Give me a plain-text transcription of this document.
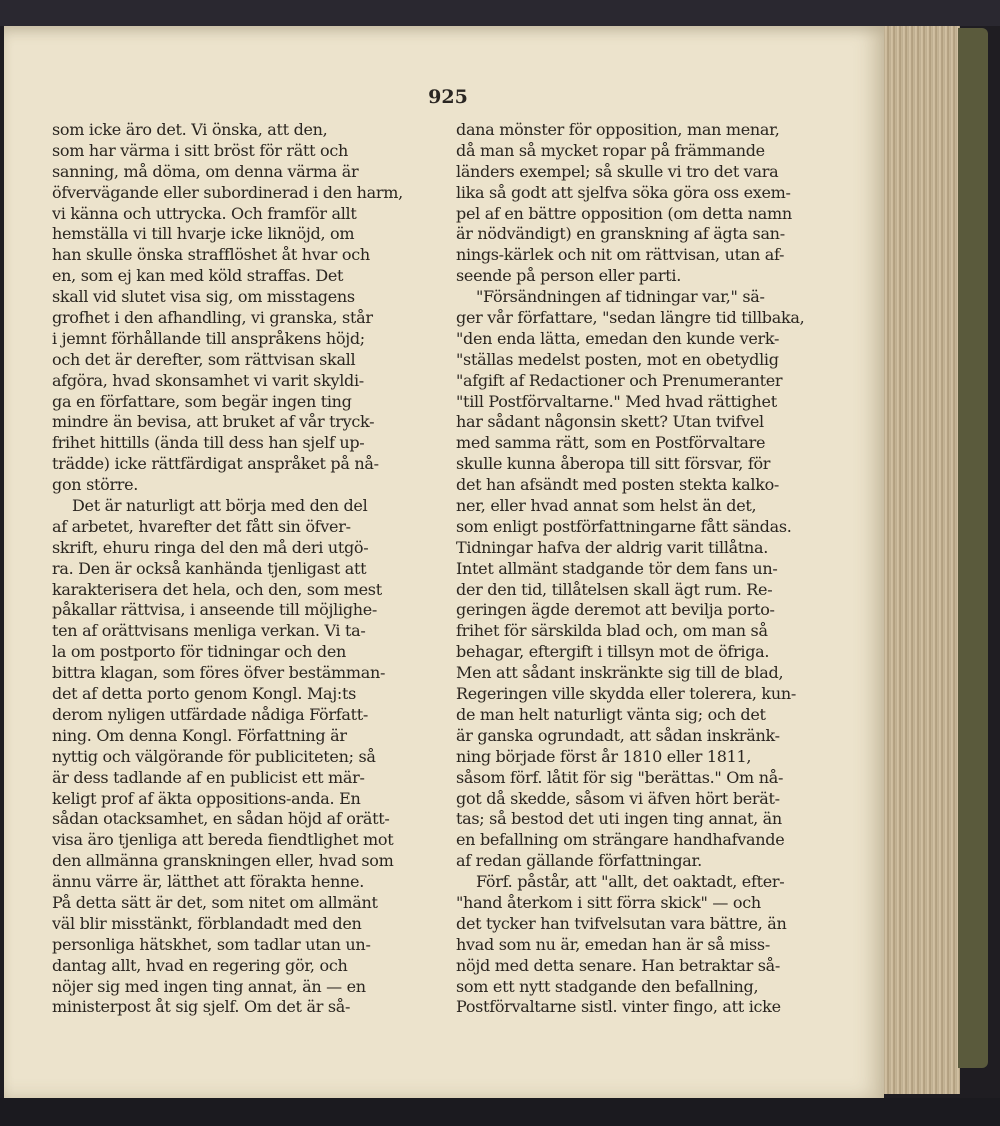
925
som icke äro det. Vi önska, att den,
som har värma i sitt bröst för rätt och
sanning, må döma, om denna värma är
öfvervägande eller subordinerad i den harm,
vi känna och uttrycka. Och framför allt
hemställa vi till hvarje icke liknöjd, om
han skulle önska strafflöshet åt hvar och
en, som ej kan med köld straffas. Det
skall vid slutet visa sig, om misstagens
grofhet i den afhandling, vi granska, står
i jemnt förhållande till anspråkens höjd;
och det är derefter, som rättvisan skall
afgöra, hvad skonsamhet vi varit skyldi-
ga en författare, som begär ingen ting
mindre än bevisa, att bruket af vår tryck-
frihet hittills (ända till dess han sjelf up-
trädde) icke rättfärdigat anspråket på nå-
gon större.
Det är naturligt att börja med den del
af arbetet, hvarefter det fått sin öfver-
skrift, ehuru ringa del den må deri utgö-
ra. Den är också kanhända tjenligast att
karakterisera det hela, och den, som mest
påkallar rättvisa, i anseende till möjlighe-
ten af orättvisans menliga verkan. Vi ta-
la om postporto för tidningar och den
bittra klagan, som föres öfver bestämman-
det af detta porto genom Kongl. Maj:ts
derom nyligen utfärdade nådiga Författ-
ning. Om denna Kongl. Författning är
nyttig och välgörande för publiciteten; så
är dess tadlande af en publicist ett mär-
keligt prof af äkta oppositions-anda. En
sådan otacksamhet, en sådan höjd af orätt-
visa äro tjenliga att bereda fiendtlighet mot
den allmänna granskningen eller, hvad som
ännu värre är, lätthet att förakta henne.
På detta sätt är det, som nitet om allmänt
väl blir misstänkt, förblandadt med den
personliga hätskhet, som tadlar utan un-
dantag allt, hvad en regering gör, och
nöjer sig med ingen ting annat, än — en
ministerpost åt sig sjelf. Om det är så-
dana mönster för opposition, man menar,
då man så mycket ropar på främmande
länders exempel; så skulle vi tro det vara
lika så godt att sjelfva söka göra oss exem-
pel af en bättre opposition (om detta namn
är nödvändigt) en granskning af ägta san-
nings-kärlek och nit om rättvisan, utan af-
seende på person eller parti.
"Försändningen af tidningar var," sä-
ger vår författare, "sedan längre tid tillbaka,
"den enda lätta, emedan den kunde verk-
"ställas medelst posten, mot en obetydlig
"afgift af Redactioner och Prenumeranter
"till Postförvaltarne." Med hvad rättighet
har sådant någonsin skett? Utan tvifvel
med samma rätt, som en Postförvaltare
skulle kunna åberopa till sitt försvar, för
det han afsändt med posten stekta kalko-
ner, eller hvad annat som helst än det,
som enligt postförfattningarne fått sändas.
Tidningar hafva der aldrig varit tillåtna.
Intet allmänt stadgande tör dem fans un-
der den tid, tillåtelsen skall ägt rum. Re-
geringen ägde deremot att bevilja porto-
frihet för särskilda blad och, om man så
behagar, eftergift i tillsyn mot de öfriga.
Men att sådant inskränkte sig till de blad,
Regeringen ville skydda eller tolerera, kun-
de man helt naturligt vänta sig; och det
är ganska ogrundadt, att sådan inskränk-
ning började först år 1810 eller 1811,
såsom förf. låtit för sig "berättas." Om nå-
got då skedde, såsom vi äfven hört berät-
tas; så bestod det uti ingen ting annat, än
en befallning om strängare handhafvande
af redan gällande författningar.
Förf. påstår, att "allt, det oaktadt, efter-
"hand återkom i sitt förra skick" — och
det tycker han tvifvelsutan vara bättre, än
hvad som nu är, emedan han är så miss-
nöjd med detta senare. Han betraktar så-
som ett nytt stadgande den befallning,
Postförvaltarne sistl. vinter fingo, att icke
